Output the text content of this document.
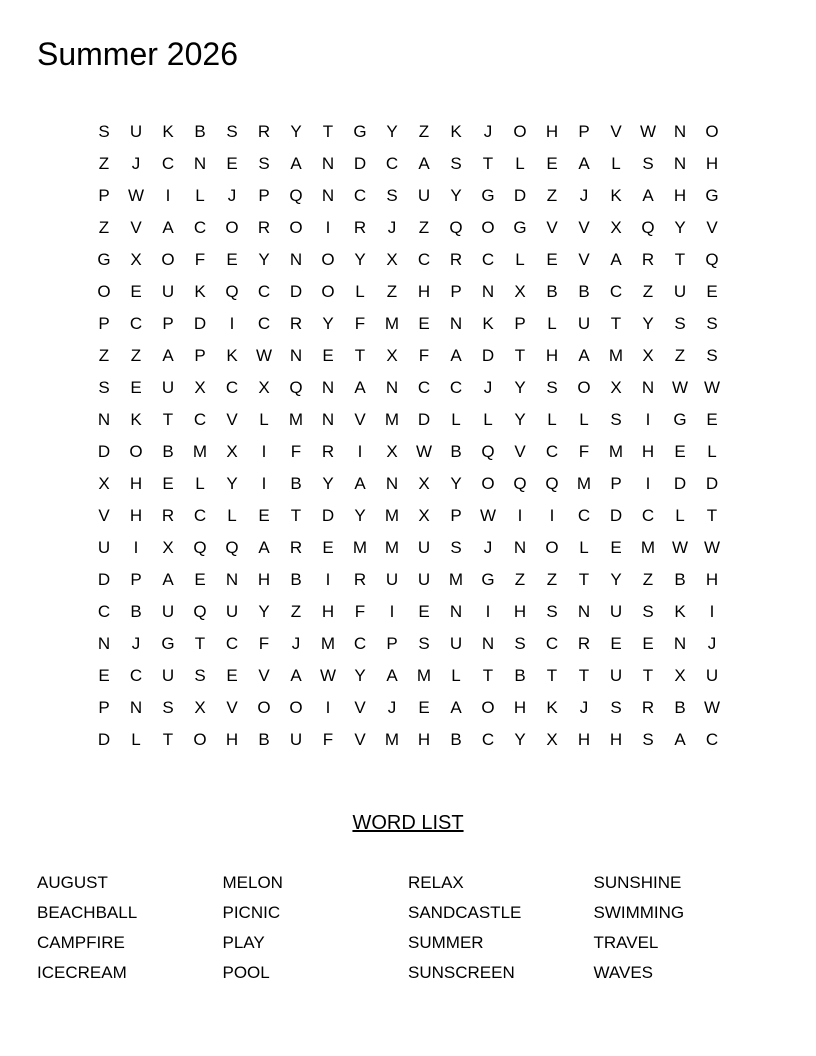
Summer 2026
S	U	K	B	S	R	Y	T	G	Y	Z	K	J	O	H	P	V	W	N	O
Z	J	C	N	E	S	A	N	D	C	A	S	T	L	E	A	L	S	N	H
P	W	I	L	J	P	Q	N	C	S	U	Y	G	D	Z	J	K	A	H	G
Z	V	A	C	O	R	O	I	R	J	Z	Q	O	G	V	V	X	Q	Y	V
G	X	O	F	E	Y	N	O	Y	X	C	R	C	L	E	V	A	R	T	Q
O	E	U	K	Q	C	D	O	L	Z	H	P	N	X	B	B	C	Z	U	E
P	C	P	D	I	C	R	Y	F	M	E	N	K	P	L	U	T	Y	S	S
Z	Z	A	P	K	W	N	E	T	X	F	A	D	T	H	A	M	X	Z	S
S	E	U	X	C	X	Q	N	A	N	C	C	J	Y	S	O	X	N	W W
N	K	T	C	V	L	M	N	V	M	D	L	L	Y	L	L	S	I	G	E
D	O	B	M	X	I	F	R	I	X	W	B	Q	V	C	F	M	H	E	L
X	H	E	L	Y	I	B	Y	A	N	X	Y	O	Q	Q	M	P	I	D	D
V	H	R	C	L	E	T	D	Y	M	X	P	W	I	I	C	D	C	L	T
U	I	X	Q	Q	A	R	E	M	M	U	S	J	N	O	L	E	M W W
D	P	A	E	N	H	B	I	R	U	U	M	G	Z	Z	T	Y	Z	B	H
C	B	U	Q	U	Y	Z	H	F	I	E	N	I	H	S	N	U	S	K	I
N	J	G	T	C	F	J	M	C	P	S	U	N	S	C	R	E	E	N	J
E	C	U	S	E	V	A	W	Y	A	M	L	T	B	T	T	U	T	X	U
P	N	S	X	V	O	O	I	V	J	E	A	O	H	K	J	S	R	B	W
D	L	T	O	H	B	U	F	V	M	H	B	C	Y	X	H	H	S	A	C
WORD LIST
AUGUST
BEACHBALL
CAMPFIRE
ICECREAM
MELON
PICNIC
PLAY
POOL
RELAX
SANDCASTLE
SUMMER
SUNSCREEN
SUNSHINE
SWIMMING
TRAVEL
WAVES
